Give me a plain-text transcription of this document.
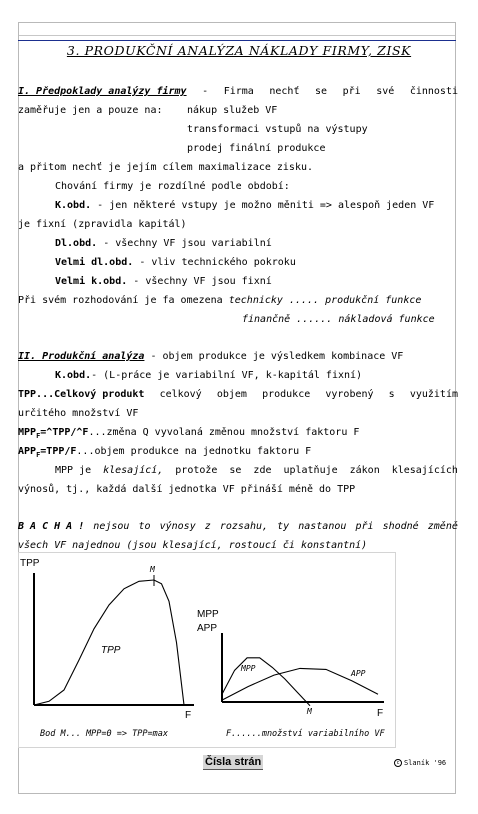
3. PRODUKČNÍ ANALÝZA NÁKLADY FIRMY, ZISK
I. Předpoklady analýzy firmy - Firma nechť se při své činnosti
zaměřuje jen a pouze na: nákup služeb VF
transformaci vstupů na výstupy
prodej finální produkce
a přitom nechť je jejím cílem maximalizace zisku.
Chování firmy je rozdílné podle období:
K.obd. - jen některé vstupy je možno měniti => alespoň jeden VF
je fixní (zpravidla kapitál)
Dl.obd. - všechny VF jsou variabilní
Velmi dl.obd. - vliv technického pokroku
Velmi k.obd. - všechny VF jsou fixní
Při svém rozhodování je fa omezena technicky ..... produkční funkce
finančně ...... nákladová funkce
II. Produkční analýza - objem produkce je výsledkem kombinace VF
K.obd.- (L-práce je variabilní VF, k-kapitál fixní)
TPP...Celkový produkt celkový objem produkce vyrobený s využitím
určitého množství VF
$MPP_F=\^{}TPP/\^{}F...změna$ Q vyvolaná změnou množství faktoru F
$APP_F=TPP/F...objem$ produkce na jednotku faktoru F
MPP je klesající, protože se zde uplatňuje zákon klesajících
výnosů, tj., každá další jednotka VF přináší méně do TPP
B A C H A ! nejsou to výnosy z rozsahu, ty nastanou při shodné změně
všech VF najednou (jsou klesající, rostoucí či konstantní)
TPP
F
TPP
M
MPP
APP
F
MPP
APP
M
Bod M... MPP=0 => TPP=max	F......množství variabilního VF
Čísla strán	c Slaník '96
